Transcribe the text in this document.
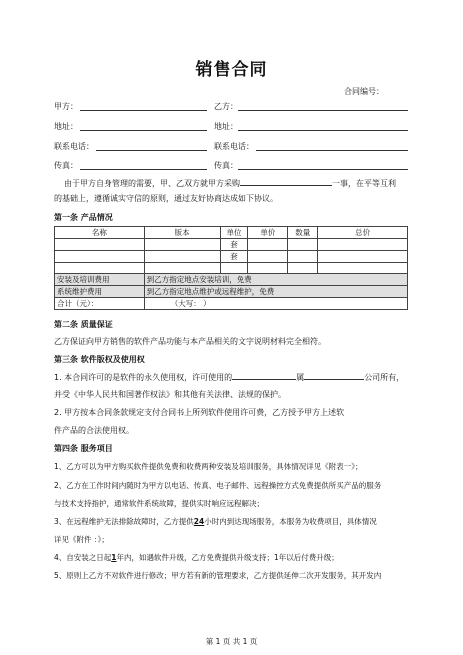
销售合同
合同编号：
甲方：	乙方：
地址：	地址：
联系电话：	联系电话：
传真：	传真：
由于甲方自身管理的需要，甲、乙双方就甲方采购	一事，在平等互利
的基础上，遵循诚实守信的原则，通过友好协商达成如下协议。
第一条 产品情况
名称	版本	单位	单价	数量	总价
		套			
		套			

安装及培训费用	到乙方指定地点安装培训，免费				
系统维护费用	到乙方指定地点维护或远程维护，免费				
合计（元）：	（大写： ）				
第二条 质量保证
乙方保证向甲方销售的软件产品功能与本产品相关的文字说明材料完全相符。
第三条 软件版权及使用权
1. 本合同许可的是软件的永久使用权，许可使用的	属	公司所有，
并受《中华人民共和国著作权法》和其他有关法律、法规的保护。
2. 甲方按本合同条款规定支付合同书上所列软件使用许可费，乙方授予甲方上述软
件产品的合法使用权。
第四条 服务项目
1、乙方可以为甲方购买软件提供免费和收费两种安装及培训服务，具体情况详见《附表一》；
2、乙方在工作时间内随时为甲方以电话、传真、电子邮件、远程操控方式免费提供所买产品的服务
与技术支持指护，通常软件系统故障，提供实时响应远程解决；
3、在远程维护无法排除故障时，乙方提供24小时内到达现场服务，本服务为收费项目，具体情况
详见《附件 ：》；
4、自安装之日起1年内，如遇软件升级，乙方免费提供升级支持；1年以后付费升级；
5、原则上乙方不对软件进行修改；甲方若有新的管理要求，乙方提供延伸二次开发服务，其开发内
第 1 页 共 1 页
